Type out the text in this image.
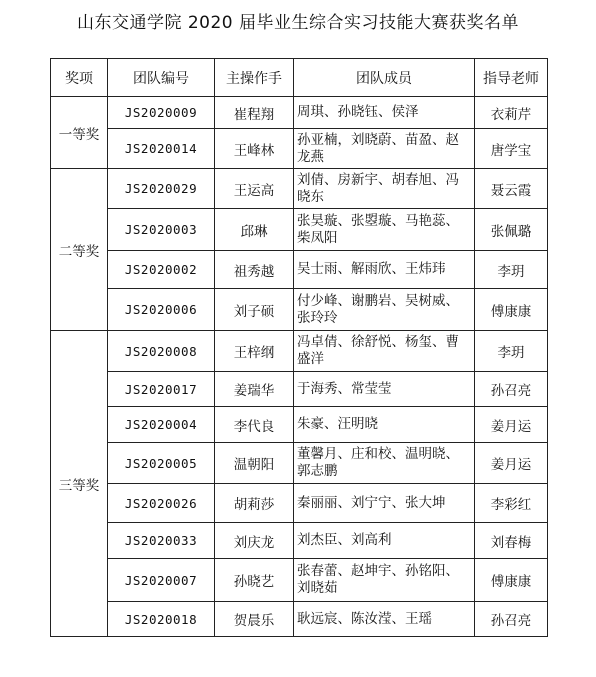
山东交通学院 2020 届毕业生综合实习技能大赛获奖名单
奖项	团队编号	主操作手	团队成员	指导老师
一等奖	JS2020009	崔程翔	周琪、孙晓钰、侯泽	衣莉芹
	JS2020014	王峰林	孙亚楠，刘晓蔚、苗盈、赵龙燕	唐学宝
二等奖	JS2020029	王运高	刘倩、房新宇、胡春旭、冯晓东	聂云霞
	JS2020003	邱琳	张昊璇、张曌璇、马艳蕊、柴凤阳	张佩璐
	JS2020002	祖秀越	吴士雨、解雨欣、王炜玮	李玥
	JS2020006	刘子硕	付少峰、谢鹏岩、吴树威、张玲玲	傅康康
三等奖	JS2020008	王梓纲	冯卓倩、徐舒悦、杨玺、曹盛洋	李玥
	JS2020017	姜瑞华	于海秀、常莹莹	孙召亮
	JS2020004	李代良	朱豪、汪明晓	姜月运
	JS2020005	温朝阳	董馨月、庄和校、温明晓、郭志鹏	姜月运
	JS2020026	胡莉莎	秦丽丽、刘宁宁、张大坤	李彩红
	JS2020033	刘庆龙	刘杰臣、刘高利	刘春梅
	JS2020007	孙晓艺	张春蕾、赵坤宇、孙铭阳、刘晓茹	傅康康
	JS2020018	贺晨乐	耿远宸、陈汝滢、王瑶	孙召亮
